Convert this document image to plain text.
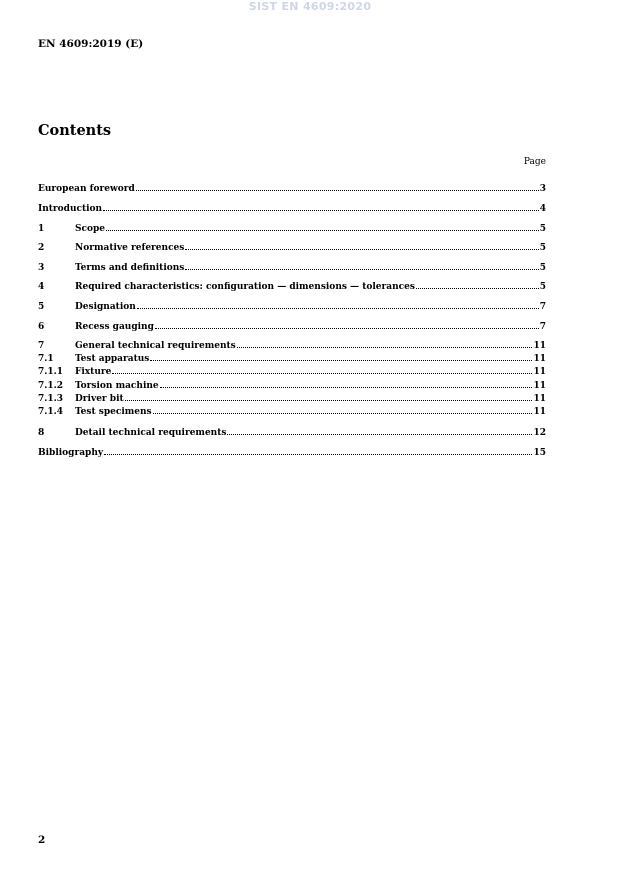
SIST EN 4609:2020
EN 4609:2019 (E)
Contents
Page
European foreword	3
Introduction	4
1	Scope	5
2	Normative references	5
3	Terms and definitions	5
4	Required characteristics: configuration — dimensions — tolerances	5
5	Designation	7
6	Recess gauging	7
7	General technical requirements	11
7.1	Test apparatus	11
7.1.1	Fixture	11
7.1.2	Torsion machine	11
7.1.3	Driver bit	11
7.1.4	Test specimens	11
8	Detail technical requirements	12
Bibliography	15
2
